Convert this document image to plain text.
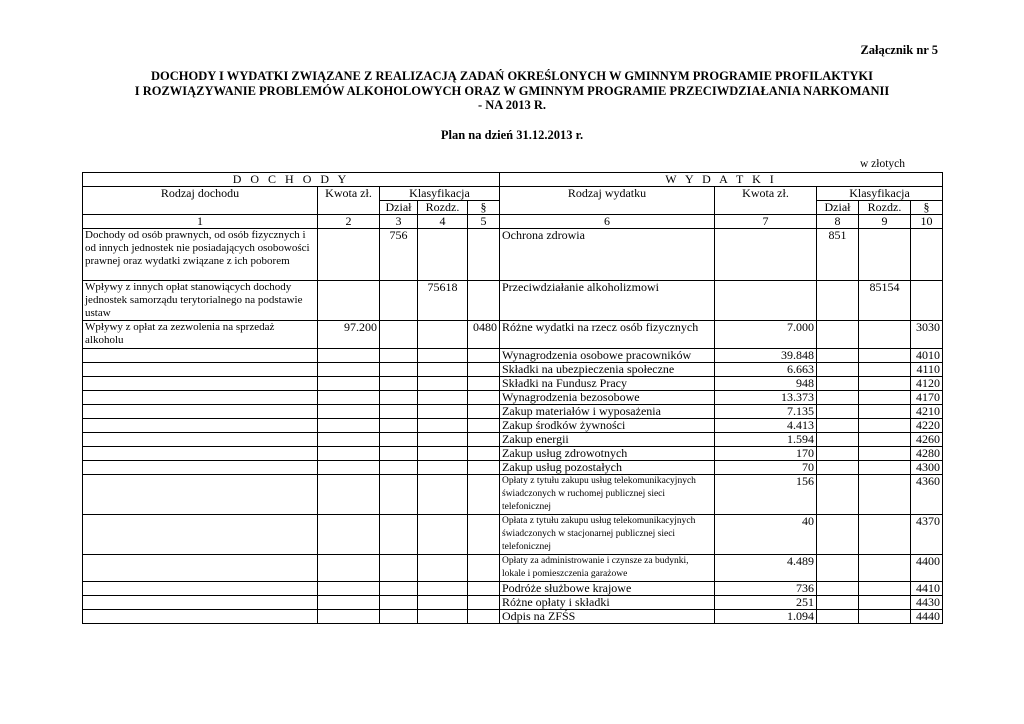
Załącznik nr 5
DOCHODY I WYDATKI ZWIĄZANE Z REALIZACJĄ ZADAŃ OKREŚLONYCH W GMINNYM PROGRAMIE PROFILAKTYKI
I ROZWIĄZYWANIE PROBLEMÓW ALKOHOLOWYCH ORAZ W GMINNYM PROGRAMIE PRZECIWDZIAŁANIA NARKOMANII
- NA 2013 R.
Plan na dzień 31.12.2013 r.
w złotych
D O C H O D Y					W Y D A T K I				
Rodzaj dochodu	Kwota zł.	Klasyfikacja			Rodzaj wydatku	Kwota zł.	Klasyfikacja		
		Dział	Rozdz.	§			Dział	Rozdz.	§
1	2	3	4	5	6	7	8	9	10
Dochody od osób prawnych, od osób fizycznych i od innych jednostek nie posiadających osobowości prawnej oraz wydatki związane z ich poborem		756			Ochrona zdrowia		851		
Wpływy z innych opłat stanowiących dochody jednostek samorządu terytorialnego na podstawie ustaw			75618		Przeciwdziałanie alkoholizmowi			85154	
Wpływy z opłat za zezwolenia na sprzedaż alkoholu	97.200			0480	Różne wydatki na rzecz osób fizycznych	7.000			3030
					Wynagrodzenia osobowe pracowników	39.848			4010
					Składki na ubezpieczenia społeczne	6.663			4110
					Składki na Fundusz Pracy	948			4120
					Wynagrodzenia bezosobowe	13.373			4170
					Zakup materiałów i wyposażenia	7.135			4210
					Zakup środków żywności	4.413			4220
					Zakup energii	1.594			4260
					Zakup usług zdrowotnych	170			4280
					Zakup usług pozostałych	70			4300
					Opłaty z tytułu zakupu usług telekomunikacyjnych świadczonych w ruchomej publicznej sieci telefonicznej	156			4360
					Opłata z tytułu zakupu usług telekomunikacyjnych świadczonych w stacjonarnej publicznej sieci telefonicznej	40			4370
					Opłaty za administrowanie i czynsze za budynki, lokale i pomieszczenia garażowe	4.489			4400
					Podróże służbowe krajowe	736			4410
					Różne opłaty i składki	251			4430
					Odpis na ZFŚS	1.094			4440
